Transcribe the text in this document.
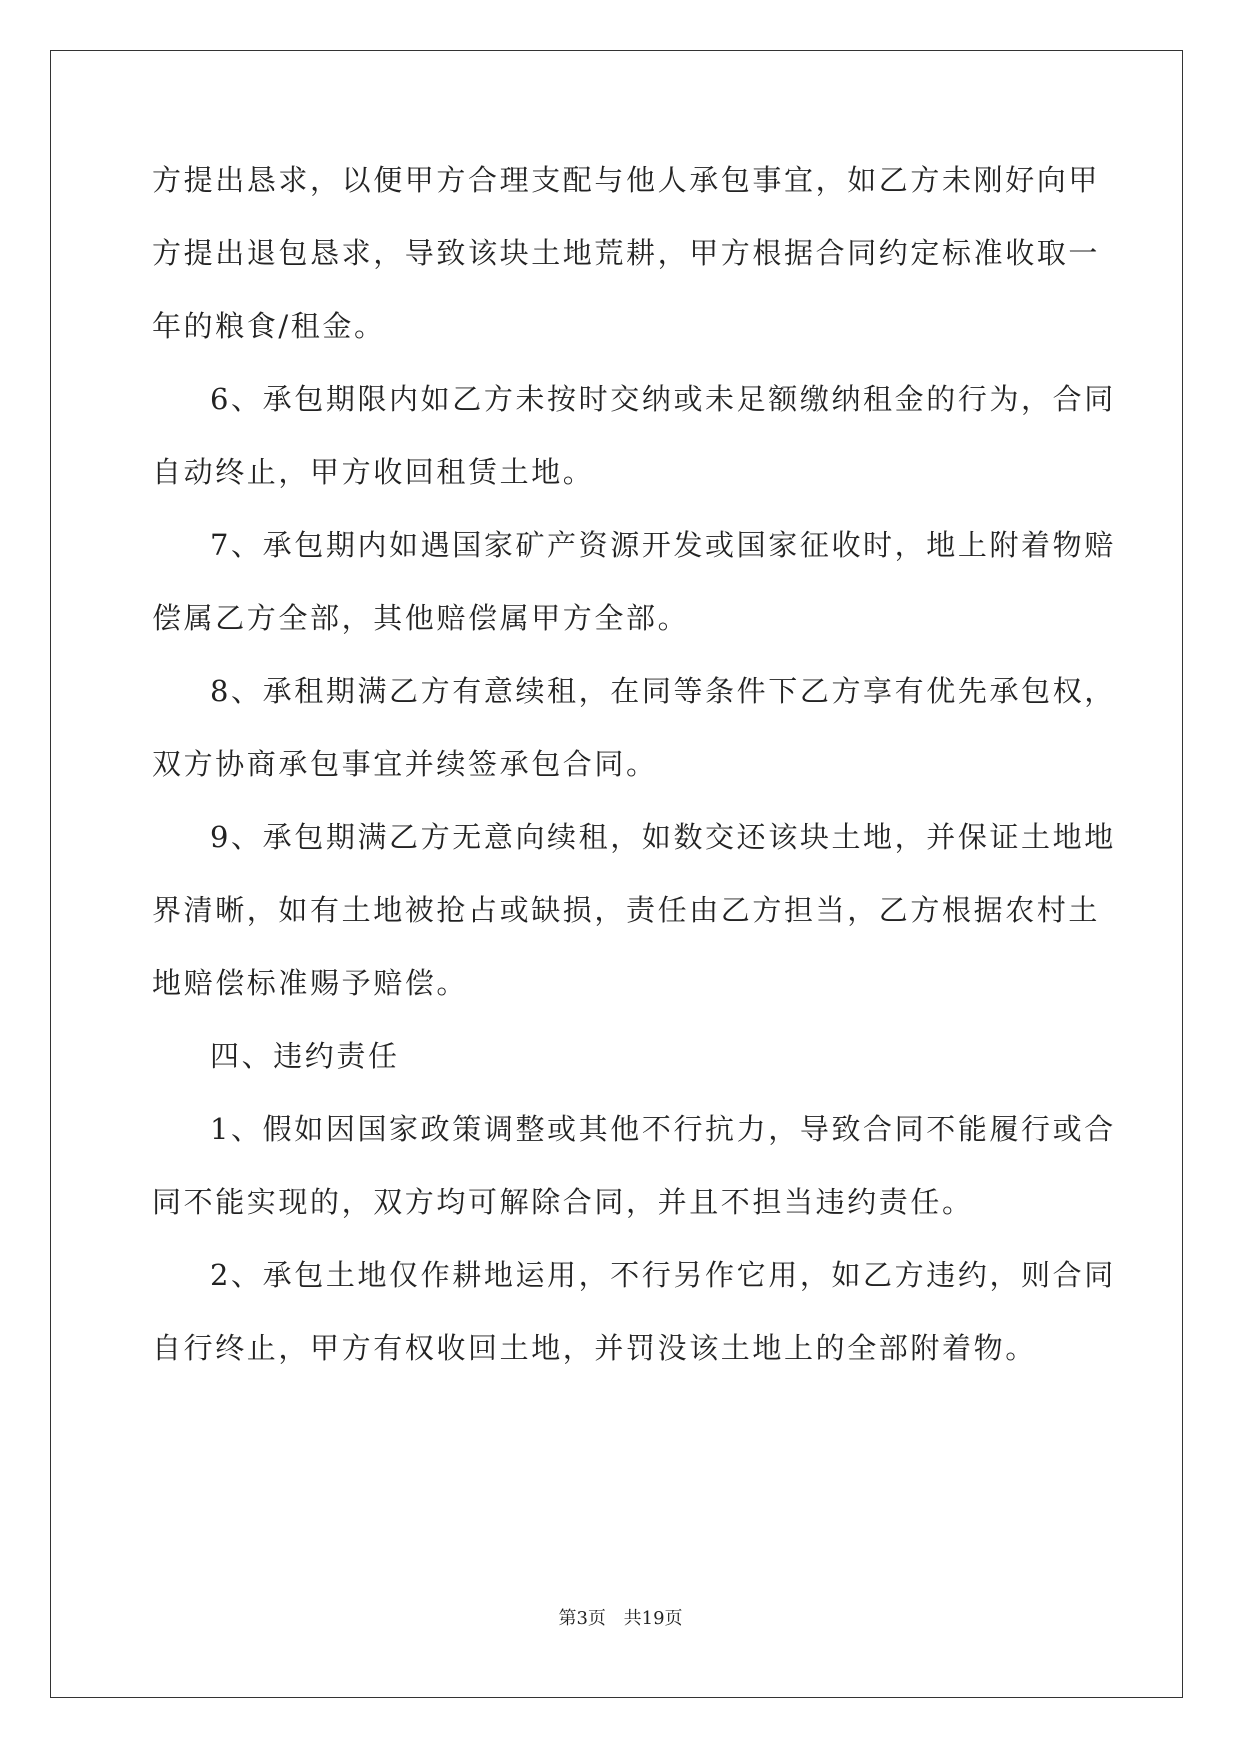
方提出恳求，以便甲方合理支配与他人承包事宜，如乙方未刚好向甲
方提出退包恳求，导致该块土地荒耕，甲方根据合同约定标准收取一
年的粮食/租金。
6、承包期限内如乙方未按时交纳或未足额缴纳租金的行为，合同
自动终止，甲方收回租赁土地。
7、承包期内如遇国家矿产资源开发或国家征收时，地上附着物赔
偿属乙方全部，其他赔偿属甲方全部。
8、承租期满乙方有意续租，在同等条件下乙方享有优先承包权，
双方协商承包事宜并续签承包合同。
9、承包期满乙方无意向续租，如数交还该块土地，并保证土地地
界清晰，如有土地被抢占或缺损，责任由乙方担当，乙方根据农村土
地赔偿标准赐予赔偿。
四、违约责任
1、假如因国家政策调整或其他不行抗力，导致合同不能履行或合
同不能实现的，双方均可解除合同，并且不担当违约责任。
2、承包土地仅作耕地运用，不行另作它用，如乙方违约，则合同
自行终止，甲方有权收回土地，并罚没该土地上的全部附着物。
第3页 共19页
